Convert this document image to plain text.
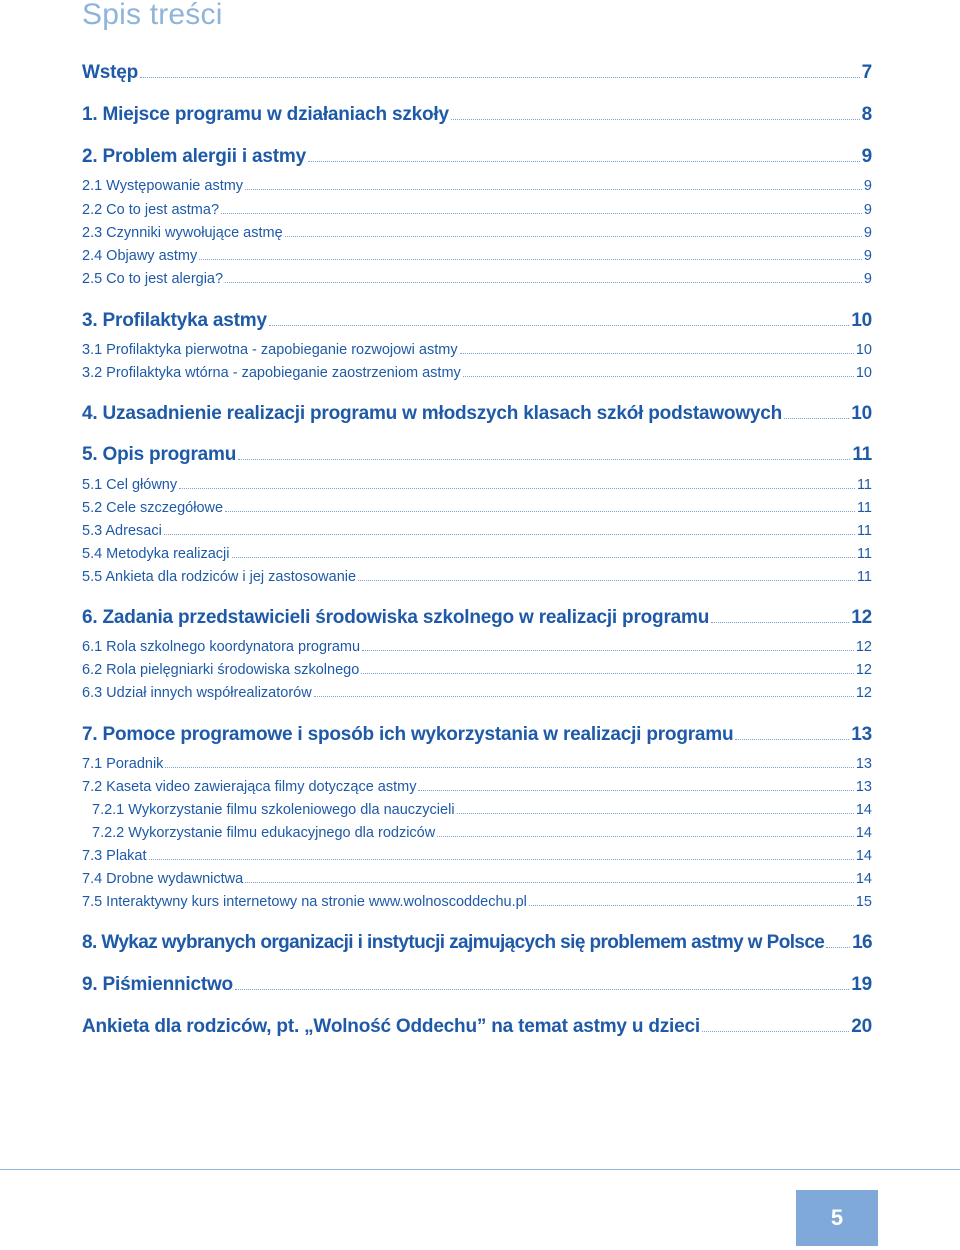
Spis treści
Wstęp	7
1. Miejsce programu w działaniach szkoły	8
2. Problem alergii i astmy	9
2.1 Występowanie astmy	9
2.2 Co to jest astma?	9
2.3 Czynniki wywołujące astmę	9
2.4 Objawy astmy	9
2.5 Co to jest alergia?	9
3. Profilaktyka astmy	10
3.1 Profilaktyka pierwotna - zapobieganie rozwojowi astmy	10
3.2 Profilaktyka wtórna - zapobieganie zaostrzeniom astmy	10
4. Uzasadnienie realizacji programu w młodszych klasach szkół podstawowych	10
5. Opis programu	11
5.1 Cel główny	11
5.2 Cele szczegółowe	11
5.3 Adresaci	11
5.4 Metodyka realizacji	11
5.5 Ankieta dla rodziców i jej zastosowanie	11
6. Zadania przedstawicieli środowiska szkolnego w realizacji programu	12
6.1 Rola szkolnego koordynatora programu	12
6.2 Rola pielęgniarki środowiska szkolnego	12
6.3 Udział innych współrealizatorów	12
7. Pomoce programowe i sposób ich wykorzystania w realizacji programu	13
7.1 Poradnik	13
7.2 Kaseta video zawierająca filmy dotyczące astmy	13
7.2.1 Wykorzystanie filmu szkoleniowego dla nauczycieli	14
7.2.2 Wykorzystanie filmu edukacyjnego dla rodziców	14
7.3 Plakat	14
7.4 Drobne wydawnictwa	14
7.5 Interaktywny kurs internetowy na stronie www.wolnoscoddechu.pl	15
8. Wykaz wybranych organizacji i instytucji zajmujących się problemem astmy w Polsce 16
9. Piśmiennictwo	19
Ankieta dla rodziców, pt. „Wolność Oddechu” na temat astmy u dzieci	20
5
